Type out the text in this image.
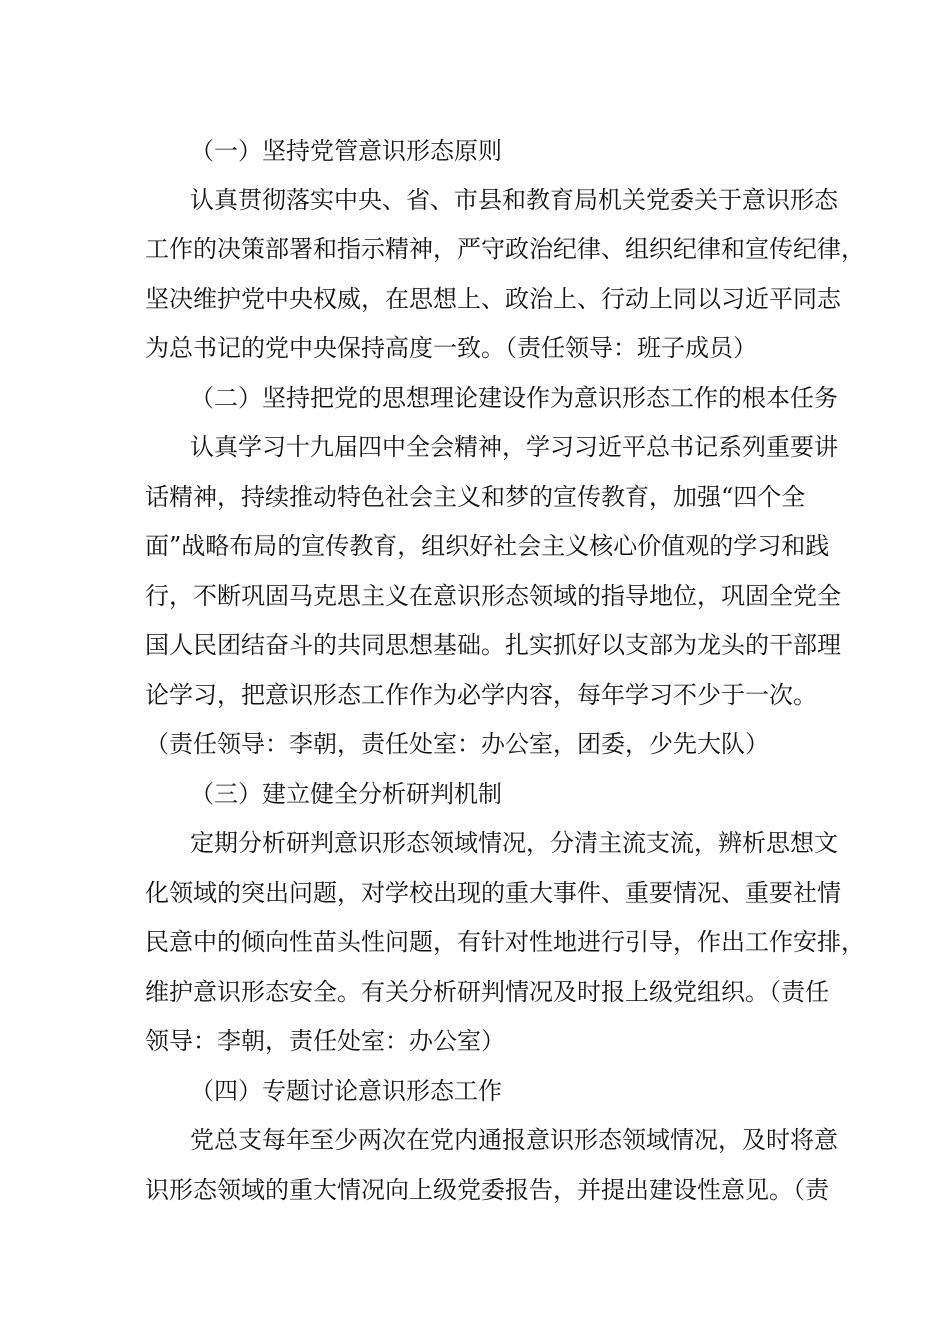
（一）坚持党管意识形态原则
认真贯彻落实中央、省、市县和教育局机关党委关于意识形态
工作的决策部署和指示精神，严守政治纪律、组织纪律和宣传纪律，
坚决维护党中央权威，在思想上、政治上、行动上同以习近平同志
为总书记的党中央保持高度一致。（责任领导：班子成员）
（二）坚持把党的思想理论建设作为意识形态工作的根本任务
认真学习十九届四中全会精神，学习习近平总书记系列重要讲
话精神，持续推动特色社会主义和梦的宣传教育，加强“四个全
面”战略布局的宣传教育，组织好社会主义核心价值观的学习和践
行，不断巩固马克思主义在意识形态领域的指导地位，巩固全党全
国人民团结奋斗的共同思想基础。扎实抓好以支部为龙头的干部理
论学习，把意识形态工作作为必学内容，每年学习不少于一次。
（责任领导：李朝，责任处室：办公室，团委，少先大队）
（三）建立健全分析研判机制
定期分析研判意识形态领域情况，分清主流支流，辨析思想文
化领域的突出问题，对学校出现的重大事件、重要情况、重要社情
民意中的倾向性苗头性问题，有针对性地进行引导，作出工作安排，
维护意识形态安全。有关分析研判情况及时报上级党组织。（责任
领导：李朝，责任处室：办公室）
（四）专题讨论意识形态工作
党总支每年至少两次在党内通报意识形态领域情况，及时将意
识形态领域的重大情况向上级党委报告，并提出建设性意见。（责
